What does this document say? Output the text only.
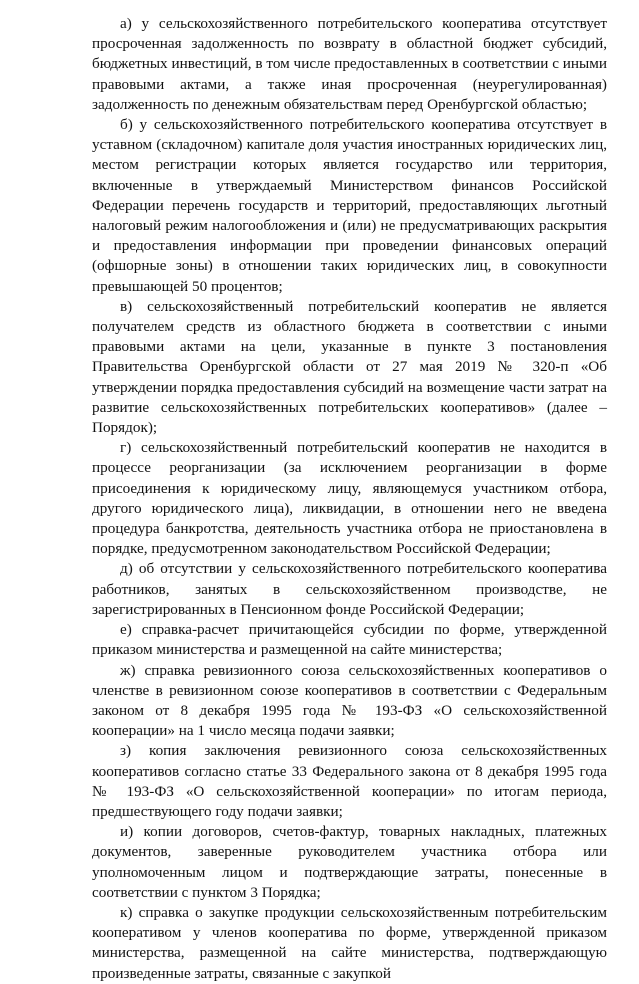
а) у сельскохозяйственного потребительского кооператива отсутствует просроченная задолженность по возврату в областной бюджет субсидий, бюджетных инвестиций, в том числе предоставленных в соответствии с иными правовыми актами, а также иная просроченная (неурегулированная) задолженность по денежным обязательствам перед Оренбургской областью;

б) у сельскохозяйственного потребительского кооператива отсутствует в уставном (складочном) капитале доля участия иностранных юридических лиц, местом регистрации которых является государство или территория, включенные в утверждаемый Министерством финансов Российской Федерации перечень государств и территорий, предоставляющих льготный налоговый режим налогообложения и (или) не предусматривающих раскрытия и предоставления информации при проведении финансовых операций (офшорные зоны) в отношении таких юридических лиц, в совокупности превышающей 50 процентов;

в) сельскохозяйственный потребительский кооператив не является получателем средств из областного бюджета в соответствии с иными правовыми актами на цели, указанные в пункте 3 постановления Правительства Оренбургской области от 27 мая 2019 № 320-п «Об утверждении порядка предоставления субсидий на возмещение части затрат на развитие сельскохозяйственных потребительских кооперативов» (далее – Порядок);

г) сельскохозяйственный потребительский кооператив не находится в процессе реорганизации (за исключением реорганизации в форме присоединения к юридическому лицу, являющемуся участником отбора, другого юридического лица), ликвидации, в отношении него не введена процедура банкротства, деятельность участника отбора не приостановлена в порядке, предусмотренном законодательством Российской Федерации;

д) об отсутствии у сельскохозяйственного потребительского кооператива работников, занятых в сельскохозяйственном производстве, не зарегистрированных в Пенсионном фонде Российской Федерации;

е) справка-расчет причитающейся субсидии по форме, утвержденной приказом министерства и размещенной на сайте министерства;

ж) справка ревизионного союза сельскохозяйственных кооперативов о членстве в ревизионном союзе кооперативов в соответствии с Федеральным законом от 8 декабря 1995 года № 193-ФЗ «О сельскохозяйственной кооперации» на 1 число месяца подачи заявки;

з) копия заключения ревизионного союза сельскохозяйственных кооперативов согласно статье 33 Федерального закона от 8 декабря 1995 года № 193-ФЗ «О сельскохозяйственной кооперации» по итогам периода, предшествующего году подачи заявки;

и) копии договоров, счетов-фактур, товарных накладных, платежных документов, заверенные руководителем участника отбора или уполномоченным лицом и подтверждающие затраты, понесенные в соответствии с пунктом 3 Порядка;

к) справка о закупке продукции сельскохозяйственным потребительским кооперативом у членов кооператива по форме, утвержденной приказом министерства, размещенной на сайте министерства, подтверждающую произведенные затраты, связанные с закупкой
